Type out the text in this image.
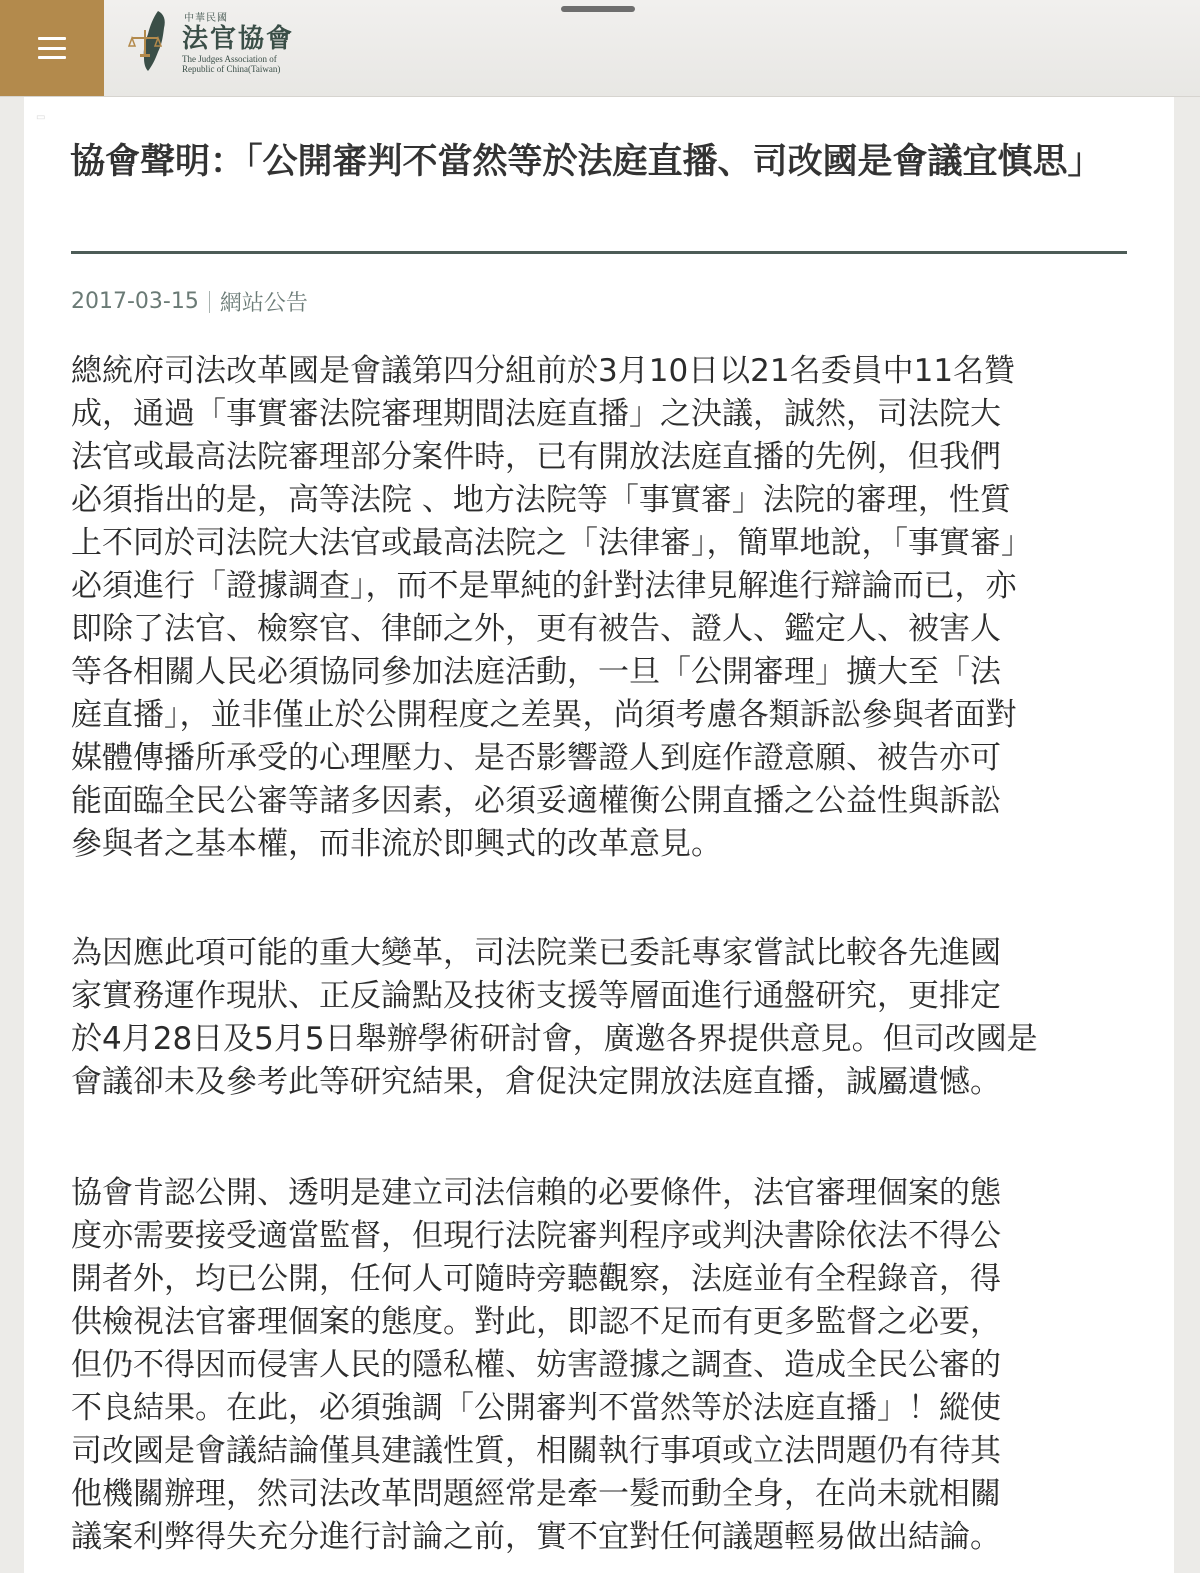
中華民國
法官協會
The Judges Association of Republic of China(Taiwan)
▭
協會聲明：「公開審判不當然等於法庭直播、司改國是會議宜慎思」
2017-03-15 網站公告

總統府司法改革國是會議第四分組前於3月10日以21名委員中11名贊
成，通過「事實審法院審理期間法庭直播」之決議，誠然，司法院大
法官或最高法院審理部分案件時，已有開放法庭直播的先例，但我們
必須指出的是，高等法院 、地方法院等「事實審」法院的審理，性質
上不同於司法院大法官或最高法院之「法律審」，簡單地說，「事實審」
必須進行「證據調查」，而不是單純的針對法律見解進行辯論而已，亦
即除了法官、檢察官、律師之外，更有被告、證人、鑑定人、被害人
等各相關人民必須協同參加法庭活動，一旦「公開審理」擴大至「法
庭直播」，並非僅止於公開程度之差異，尚須考慮各類訴訟參與者面對
媒體傳播所承受的心理壓力、是否影響證人到庭作證意願、被告亦可
能面臨全民公審等諸多因素，必須妥適權衡公開直播之公益性與訴訟
參與者之基本權，而非流於即興式的改革意見。

為因應此項可能的重大變革，司法院業已委託專家嘗試比較各先進國
家實務運作現狀、正反論點及技術支援等層面進行通盤研究，更排定
於4月28日及5月5日舉辦學術研討會，廣邀各界提供意見。但司改國是
會議卻未及參考此等研究結果，倉促決定開放法庭直播，誠屬遺憾。

協會肯認公開、透明是建立司法信賴的必要條件，法官審理個案的態
度亦需要接受適當監督，但現行法院審判程序或判決書除依法不得公
開者外，均已公開，任何人可隨時旁聽觀察，法庭並有全程錄音，得
供檢視法官審理個案的態度。對此，即認不足而有更多監督之必要，
但仍不得因而侵害人民的隱私權、妨害證據之調查、造成全民公審的
不良結果。在此，必須強調「公開審判不當然等於法庭直播」！縱使
司改國是會議結論僅具建議性質，相關執行事項或立法問題仍有待其
他機關辦理，然司法改革問題經常是牽一髮而動全身，在尚未就相關
議案利弊得失充分進行討論之前，實不宜對任何議題輕易做出結論。
